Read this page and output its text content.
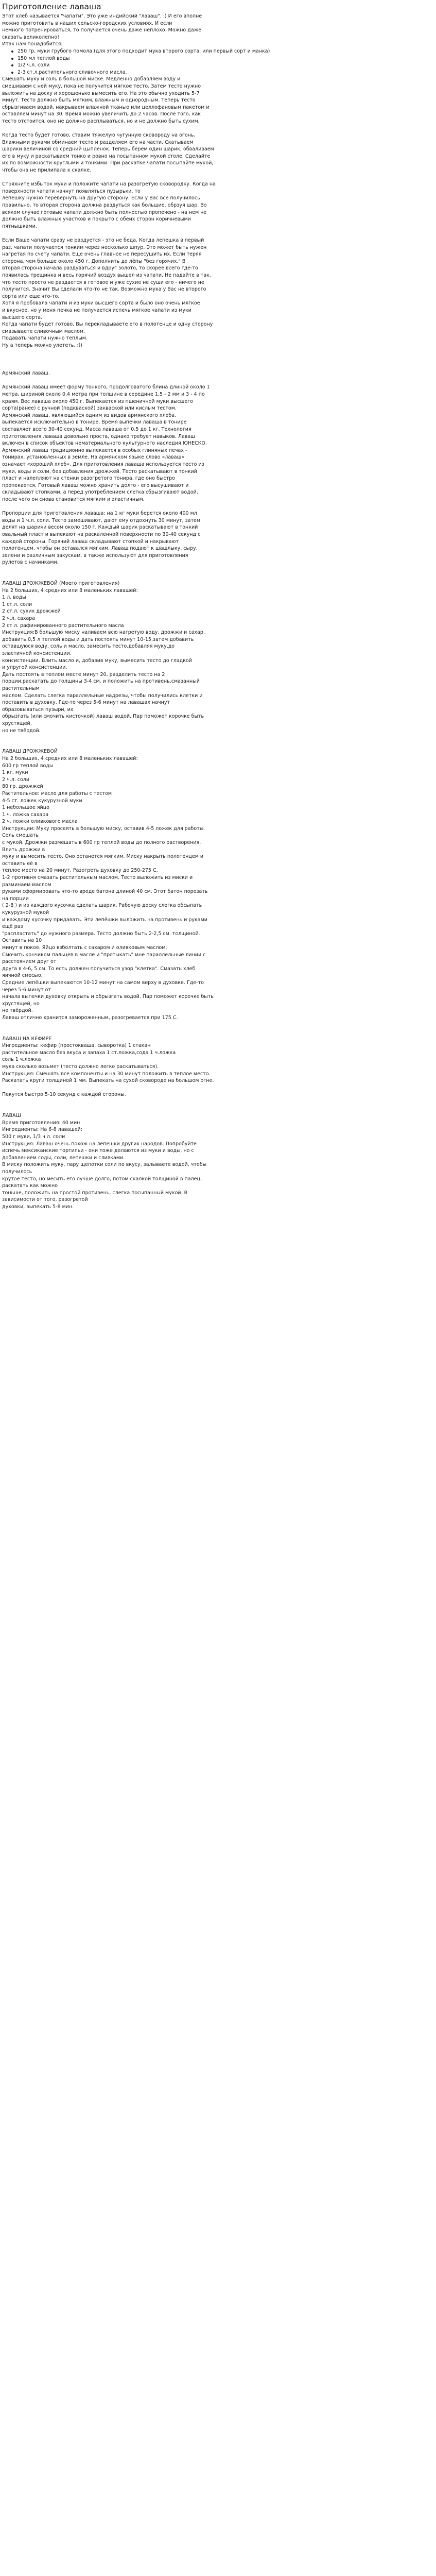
Приготовление лаваша
Этот хлеб называется "чапати". Это уже индийский "лаваш". :) И его вполне
можно приготовить в наших сельско-городских условиях. И если
немного потренироваться, то получается очень даже неплохо. Можно даже
сказать великолепно!
Итак нам понадобится:
250 гр. муки грубого помола (для этого подходит мука второго сорта, или первый сорт и манка)
150 мл теплой воды
1/2 ч.л. соли
2-3 ст.л.растительного сливочного масла.
Смешать муку и соль в большой миске. Медленно добавляем воду и
смешиваем с ней муку, пока не получится мягкое тесто. Затем тесто нужно
выложить на доску и хорошенько вымесить его. На это обычно уходить 5-7
минут. Тесто должно быть мягким, влажным и однородным. Теперь тесто
сбрызгиваем водой, накрываем влажной тканью или целлофановым пакетом и
оставляем минут на 30. Время можно увеличить до 2 часов. После того, как
тесто отстоится, оно не должно расплываться, но и не должно быть сухим.
Когда тесто будет готово, ставим тяжелую чугунную сковороду на огонь.
Влажными руками обминаем тесто и разделяем его на части. Скатываем
шарики величиной со средний цыпленок. Теперь берем один шарик, обваливаем
его в муку и раскатываем тонко и ровно на посыпанном мукой столе. Сделайте
их по возможности круглыми и тонкими. При раскатке чапати посыпайте мукой,
чтобы она не прилипала к скалке.
Стряхните избыток муки и положите чапати на разогретую сковородку. Когда на
поверхности чапати начнут появляться пузырьки, то
лепешку нужно перевернуть на другую сторону. Если у Вас все получилось
правильно, то вторая сторона должна раздуться как большие, обрзуя шар. Во
всяком случае готовые чапати должно быть полностью пропечено - на нем не
должно быть влажных участков и покрыто с обеих сторон коричневыми
пятнышками.
Если Ваше чапати сразу не раздуется - это не беда. Когда лепешка в первый
раз, чапати получается тонким через несколько шпур. Это может быть нужен
нагретая по счету чапати. Еще очень главное не пересушить их. Если теряя
сторона, чем больше около 450 г. Дополнить до лёпы "без горячих." В
вторая сторона начала раздуваться и вдруг золото, то скорее всего где-то
появилась трещинка и весь горячий воздух вышел из чапати. Не падайте в так,
что тесто просто не раздается в готовое и уже сухие не суши его - ничего не
получится. Значит Вы сделали что-то не так. Возможно мука у Вас не второго
сорта или еще что-то.
Хотя я пробовала чапати и из муки высшего сорта и было оно очень мягкое
и вкусное, но у меня печка не получается испечь мягкое чапати из муки
высшего сорта.
Когда чапати будет готово, Вы перекладываете его в полотенце и одну сторону
смазываете сливочным маслом.
Подавать чапати нужно теплым.
Ну а теперь можно улететь. :))
Армянский лаваш.
Армянский лаваш имеет форму тонкого, продолговатого блина длиной около 1
метра, шириной около 0,4 метра при толщине в середине 1,5 - 2 мм и 3 - 4 по
краям. Вес лаваша около 450 г. Выпекается из пшеничной муки высшего
сорта(ранее) с ручной (подкваской) закваской или кислым тестом.
Армянский лаваш, являющийся одним из видов армянского хлеба,
выпекается исключительно в тонире. Время выпечки лаваша в тонире
составляет всего 30-40 секунд. Масса лаваша от 0,5 до 1 кг. Технология
приготовления лаваша довольно проста, однако требует навыков. Лаваш
включен в список объектов нематериального культурного наследия ЮНЕСКО.
Армянский лаваш традиционно выпекается в особых глиняных печах -
тонирах, установленных в земле. На армянском языке слово «лаваш»
означает «хороший хлеб». Для приготовления лаваша используется тесто из
муки, воды и соли, без добавления дрожжей. Тесто раскатывают в тонкий
пласт и налепляют на стенки разогретого тонира, где оно быстро
пропекается. Готовый лаваш можно хранить долго - его высушивают и
складывают стопками, а перед употреблением слегка сбрызгивают водой,
после чего он снова становится мягким и эластичным.
Пропорции для приготовления лаваша: на 1 кг муки берется около 400 мл
воды и 1 ч.л. соли. Тесто замешивают, дают ему отдохнуть 30 минут, затем
делят на шарики весом около 150 г. Каждый шарик раскатывают в тонкий
овальный пласт и выпекают на раскаленной поверхности по 30-40 секунд с
каждой стороны. Горячий лаваш складывают стопкой и накрывают
полотенцем, чтобы он оставался мягким. Лаваш подают к шашлыку, сыру,
зелени и различным закускам, а также используют для приготовления
рулетов с начинками.
ЛАВАШ ДРОЖЖЕВОЙ (Моего приготовления)
На 2 больших, 4 средних или 8 маленьких лавашей:
1 л. воды
1 ст.л. соли
2 ст.л. сухих дрожжей
2 ч.л. сахара
2 ст.л. рафинированного растительного масла
Инструкция:В большую миску наливаем всю нагретую воду, дрожжи и сахар,
добавить 0,5 л теплой воды и дать постоять минут 10-15,затем добавить
оставшуюся воду, соль и масло, замесить тесто,добавляя муку,до
эластичной консистенции.
консистенции. Влить масло и, добавив муку, вымесить тесто до гладкой
и упругой консистенции.
Дать постоять в теплом месте минут 20, разделить тесто на 2
порции,раскатать до толщины 3-4 см. и положить на противень,смазанный
растительным
маслом. Сделать слегка параллельные надрезы, чтобы получились клетки и
поставить в духовку. Где-то через 5-6 минут на лавашах начнут
образовываться пузыри, их
обрызгать (или смочить кисточкой) лаваш водой. Пар поможет корочке быть
хрустящей,
но не твёрдой.
ЛАВАШ ДРОЖЖЕВОЙ
На 2 больших, 4 средних или 8 маленьких лавашей:
600 гр теплой воды
1 кг. муки
2 ч.л. соли
80 гр. дрожжей
Растительное: масло для работы с тестом
4-5 ст. ложек кукурузной муки
1 небольшое яйцо
1 ч. ложка сахара
2 ч. ложки оливкового масла
Инструкции: Муку просеять в большую миску, оставив 4-5 ложек для работы.
Соль смешать
с мукой. Дрожжи размешать в 600 гр теплой воды до полного растворения.
Влить дрожжи в
муку и вымесить тесто. Оно останется мягким. Миску накрыть полотенцем и
оставить её в
тёплое место на 20 минут. Разогреть духовку до 250-275 С.
1-2 противня смазать растительным маслом. Тесто выложить из миски и
разминаем маслом
руками сформировать что-то вроде батона длиной 40 см. Этот батон порезать
на порции
( 2-8 ) и из каждого кусочка сделать шарик. Рабочую доску слегка обсыпать
кукурузной мукой
и каждому кусочку придавать. Эти лепёшки выложить на противень и руками
ещё раз
"распластать" до нужного размера. Тесто должно быть 2-2,5 см. толщиной.
Оставить на 10
минут в покое. Яйцо взболтать с сахаром и оливковым маслом.
Смочить кончиком пальцев в масле и "протыкать" мне параллельные линии с
расстоянием друг от
друга в 4-6, 5 см. То есть должен получиться узор "клетка". Смазать хлеб
яичной смесью.
Средние лепёшки выпекаются 10-12 минут на самом верху в духовке. Где-то
через 5-6 минут от
начала выпечки духовку открыть и обрызгать водой. Пар поможет корочке быть
хрустящей, но
не твёрдой.
Лаваш отлично хранится замороженным, разогревается при 175 С.
ЛАВАШ НА КЕФИРЕ
Ингредиенты: кефир (простокваша, сыворотка) 1 стакан
растительное масло без вкуса и запаха 1 ст.ложка,сода 1 ч.ложка
соль 1 ч.ложка
мука сколько возьмет (тесто должно легко раскатываться).
Инструкция: Смешать все компоненты и на 30 минут положить в теплое место.
Раскатать круги толщиной 1 мм. Выпекать на сухой сковороде на большом огне.
Пекутся быстро 5-10 секунд с каждой стороны.
ЛАВАШ
Время приготовления: 40 мин
Ингредиенты: На 6-8 лавашей:
500 г муки, 1/3 ч.л. соли
Инструкция: Лаваш очень похож на лепешки других народов. Попробуйте
испечь мексиканские тортильи - они тоже делаются из муки и воды, но с
добавлением соды, соли, лепешки и сливками.
В миску положить муку, пару щепотки соли по вкусу, залываете водой, чтобы
получилось
крутое тесто, но месить его лучше долго, потом скалкой толщиной в палец,
раскатать как можно
тоньше, положить на простой противень, слегка посыпанный мукой. В
зависимости от того, разогретой
духовки, выпекать 5-8 мин.
